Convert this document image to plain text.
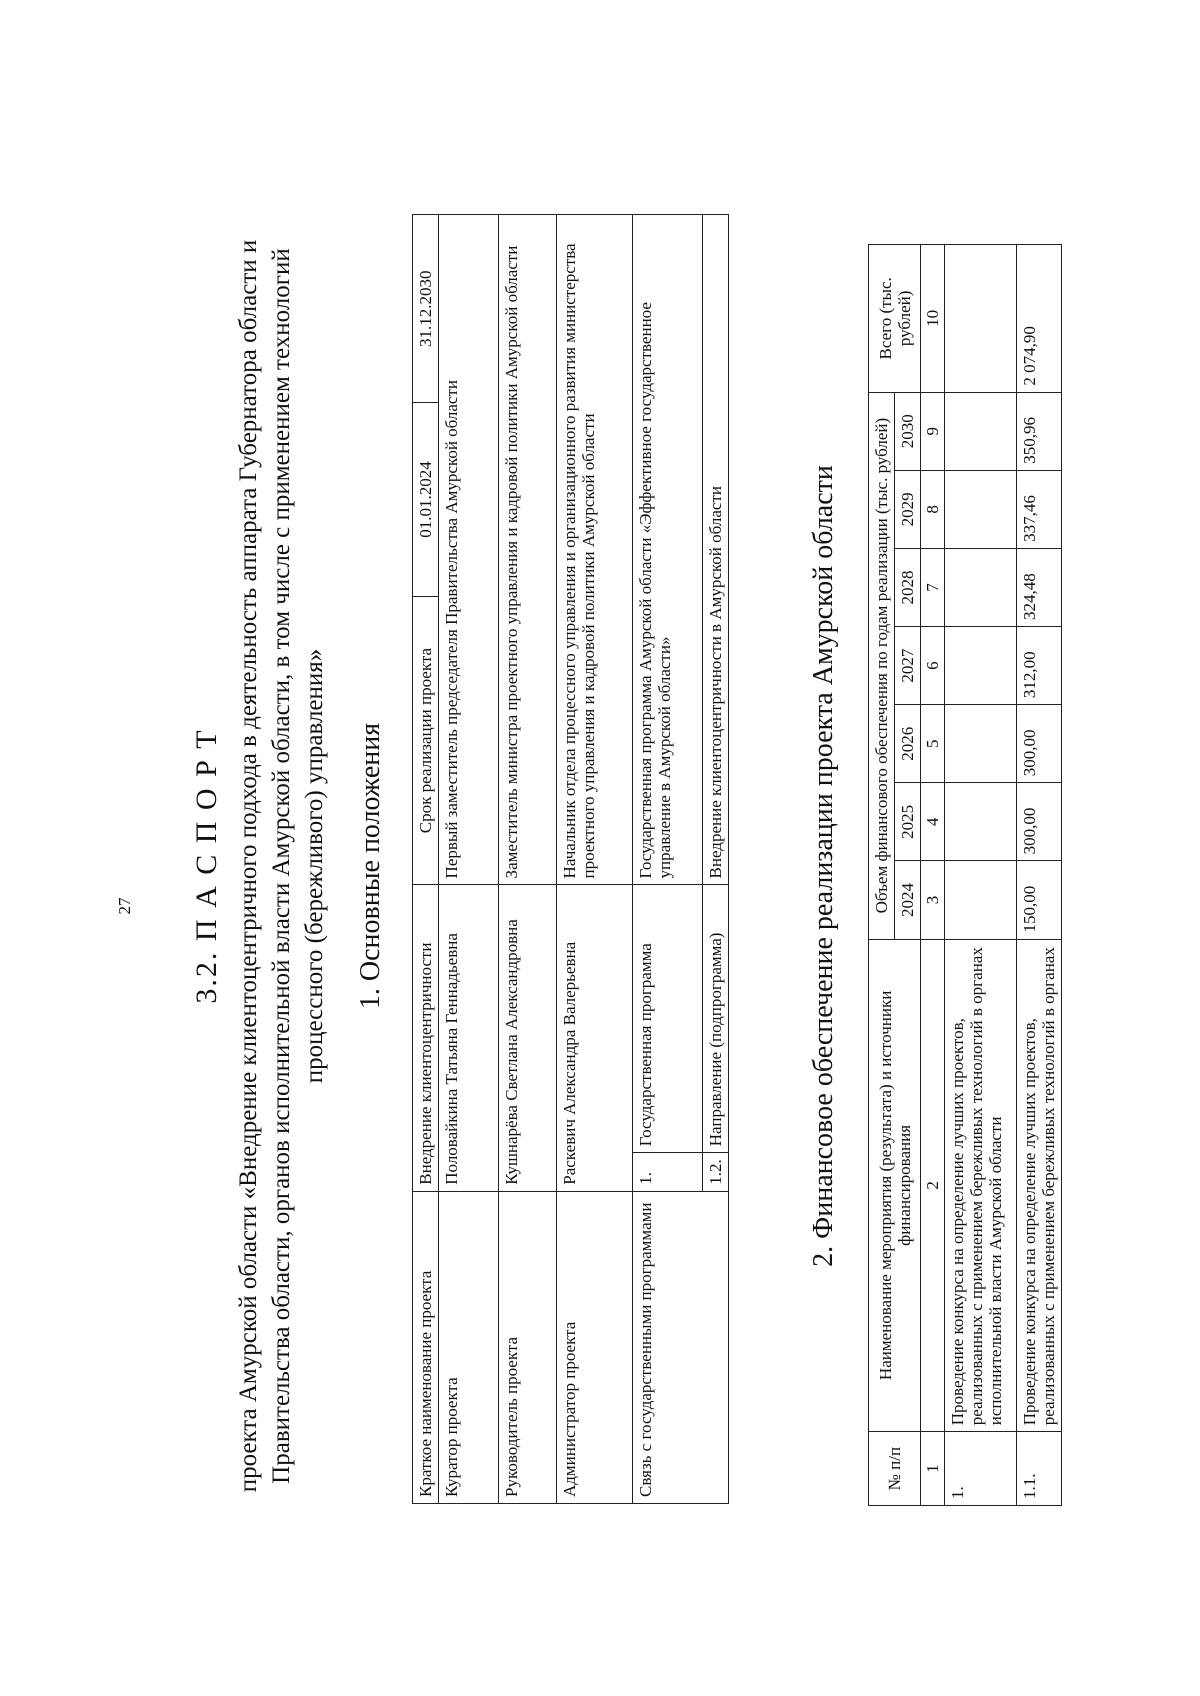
27 3.2. П А С П О Р Т проекта Амурской области «Внедрение клиентоцентричного подхода в деятельность аппарата Губернатора области и Правительства области, органов исполнительной власти Амурской области, в том числе с применением технологий процессного (бережливого) управления» 1. Основные положения
Краткое наименование проекта	Внедрение клиентоцентричности		Срок реализации проекта	01.01.2024	31.12.2030
Куратор проекта	Половайкина Татьяна Геннадьевна		Первый заместитель председателя Правительства Амурской области		
Руководитель проекта	Кушнарёва Светлана Александровна		Заместитель министра проектного управления и кадровой политики Амурской области		
Администратор проекта	Раскевич Александра Валерьевна		Начальник отдела процессного управления и организационного развития министерства проектного управления и кадровой политики Амурской области		
Связь с государственными программами	1.	Государственная программа	Государственная программа Амурской области «Эффективное государственное управление в Амурской области»		
	1.2.	Направление (подпрограмма)	Внедрение клиентоцентричности в Амурской области			2. Финансовое обеспечение реализации проекта Амурской области
№ п/п	Наименование мероприятия (результата) и источники финансирования	Объем финансового обеспечения по годам реализации (тыс. рублей)							Всего (тыс. рублей)
		2024	2025	2026	2027	2028	2029	2030	
1	2	3	4	5	6	7	8	9	10
1.	Проведение конкурса на определение лучших проектов, реализованных с применением бережливых технологий в органах исполнительной власти Амурской области								
1.1.	Проведение конкурса на определение лучших проектов, реализованных с применением бережливых технологий в органах	150,00	300,00	300,00	312,00	324,48	337,46	350,96	2 074,90
